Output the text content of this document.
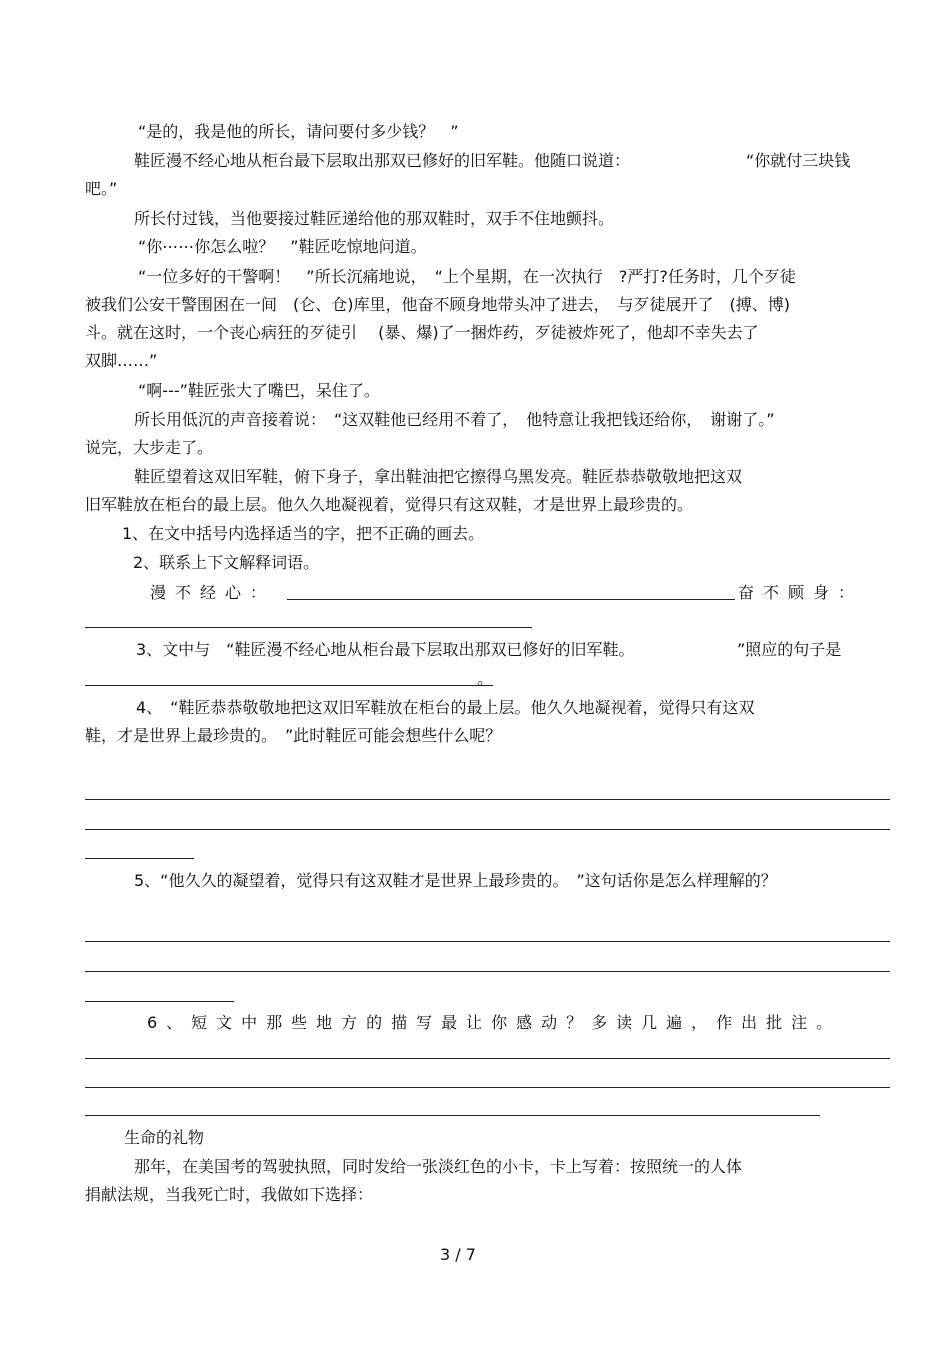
“是的，我是他的所长，请问要付多少钱？　”
鞋匠漫不经心地从柜台最下层取出那双已修好的旧军鞋。他随口说道：	“你就付三块钱
吧。”
所长付过钱，当他要接过鞋匠递给他的那双鞋时，双手不住地颤抖。
“你⋯⋯你怎么啦？　”鞋匠吃惊地问道。
“一位多好的干警啊！　”所长沉痛地说，　“上个星期，在一次执行　?严打?任务时，几个歹徒
被我们公安干警围困在一间　(仑、仓)库里，他奋不顾身地带头冲了进去，　与歹徒展开了　(搏、博)
斗。就在这时，一个丧心病狂的歹徒引　 (暴、爆)了一捆炸药，歹徒被炸死了，他却不幸失去了
双脚……”
“啊---”鞋匠张大了嘴巴，呆住了。
所长用低沉的声音接着说：　“这双鞋他已经用不着了，　他特意让我把钱还给你，　谢谢了。”
说完，大步走了。
鞋匠望着这双旧军鞋，俯下身子，拿出鞋油把它擦得乌黑发亮。鞋匠恭恭敬敬地把这双
旧军鞋放在柜台的最上层。他久久地凝视着，觉得只有这双鞋，才是世界上最珍贵的。
1、在文中括号内选择适当的字，把不正确的画去。
2、联系上下文解释词语。
漫不经心：	奋不顾身：
3、文中与　“鞋匠漫不经心地从柜台最下层取出那双已修好的旧军鞋。	”照应的句子是
。
4、　“鞋匠恭恭敬敬地把这双旧军鞋放在柜台的最上层。他久久地凝视着，觉得只有这双
鞋，才是世界上最珍贵的。　”此时鞋匠可能会想些什么呢？
5、“他久久的凝望着，觉得只有这双鞋才是世界上最珍贵的。　”这句话你是怎么样理解的？
6、短文中那些地方的描写最让你感动？多读几遍，作出批注。
生命的礼物
那年，在美国考的驾驶执照，同时发给一张淡红色的小卡，卡上写着：按照统一的人体
捐献法规，当我死亡时，我做如下选择：
3 / 7
